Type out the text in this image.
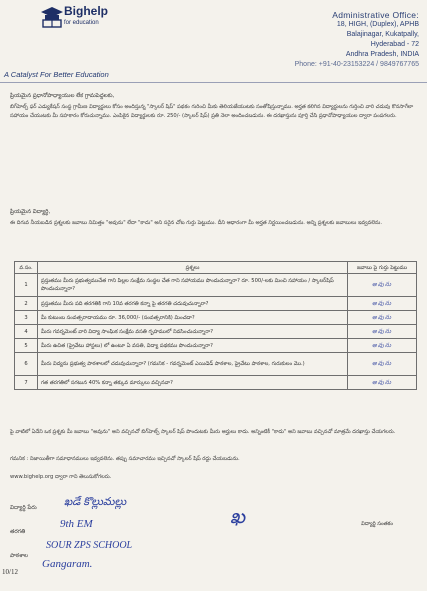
Bighelp
for education
A Catalyst For Better Education
Administrative Office:
18, HIGH, (Duplex), APHB
Balajinagar, Kukatpally,
Hyderabad - 72
Andhra Pradesh, INDIA
Phone: +91-40-23153224 / 9849767765
ప్రియమైన ప్రధానోపాధ్యాయుల లేక గ్రామపెద్దలకు,
బిగ్‌హెల్ప్ ఫర్ ఎడ్యుకేషన్ సంస్థ గ్రామీణ విద్యార్థులు కోసం అందిస్తున్న "స్కాలర్ షిప్" పథకం గురించి మీకు తెలియజేయుటకు సంతోషిస్తున్నాము. అర్హత కలిగిన విద్యార్థులను గుర్తించి వారి చదువు కొనసాగేలా సహాయం చేయుటకు మీ సహకారం కోరుచున్నాము. ఎంపికైన విద్యార్థులకు రూ. 250/- (స్కాలర్ షిప్) ప్రతి నెలా అందించబడును. ఈ దరఖాస్తును పూర్తి చేసి ప్రధానోపాధ్యాయుల ద్వారా పంపగలరు.
ప్రియమైన విద్యార్థి,
ఈ దిగువ నీయబడిన ప్రశ్నలకు జవాబు నిమిత్తం "అవును" లేదా "కాదు" అని సరైన చోట గుర్తు పెట్టుము. దీని ఆధారంగా మీ అర్హత నిర్ణయించబడును. అన్ని ప్రశ్నలకు జవాబులు ఇవ్వవలెను.
వ.సం.	ప్రశ్నలు	జవాబు పై గుర్తు పెట్టుము
1	ప్రస్తుతము మీరు ప్రభుత్వముచేత గాని పిల్లల సంక్షేమ సంస్థల చేత గాని సహాయము పొందుచున్నారా? రూ. 500/-లకు మించి సహాయం / స్కాలర్‌షిప్ పొందుచున్నారా?	అవును
2	ప్రస్తుతము మీరు పది తరగతికి గాని 10వ తరగతి కన్నా పై తరగతి చదువుచున్నారా?	అవును
3	మీ కుటుంబ సంవత్సరాదాయము రూ. 36,000/- (సంవత్సరానికి) మించదా?	అవును
4	మీరు గవర్నమెంట్ వారి విద్యా సాంఘిక సంక్షేమ వసతి గృహములో నివసించుచున్నారా?	అవును
5	మీరు ఉచిత (ప్రైవేటు హాస్టలు) లో ఉంటూ ఏ వసతి, విద్యా పథకము పొందుచున్నారా?	అవును
6	మీరు విద్యను ప్రభుత్వ పాఠశాలలో చదువుచున్నారా? (గమనిక - గవర్నమెంట్ ఎయిడెడ్ పాఠశాల, ప్రైవేటు పాఠశాల, గురుకులం మొ.)	అవును
7	గత తరగతిలో సగటున 40% కన్నా తక్కువ మార్కులు వచ్చినవా?	అవును
పై వాటిలో ఏదేని ఒక ప్రశ్నకు మీ జవాబు "అవును" అని వచ్చినచో బిగ్‌హెల్ప్ స్కాలర్ షిప్ పొందుటకు మీరు అర్హులు కాదు. అన్నింటికీ "కాదు" అని జవాబు వచ్చినచో మాత్రమే దరఖాస్తు చేయగలరు.
గమనిక : నిజాయితీగా సమాధానములు ఇవ్వవలెను. తప్పు సమాచారము ఇచ్చినచో స్కాలర్ షిప్ రద్దు చేయబడును.
www.bighelp.org ద్వారా గాని తెలుసుకోగలరు.
విద్యార్థి పేరు ఖడే కొల్లుమల్లు
తరగతి
9th EM
పాఠశాల
SOUR ZPS SCHOOL
Gangaram.
ఖ	విద్యార్థి సంతకం
10/12
